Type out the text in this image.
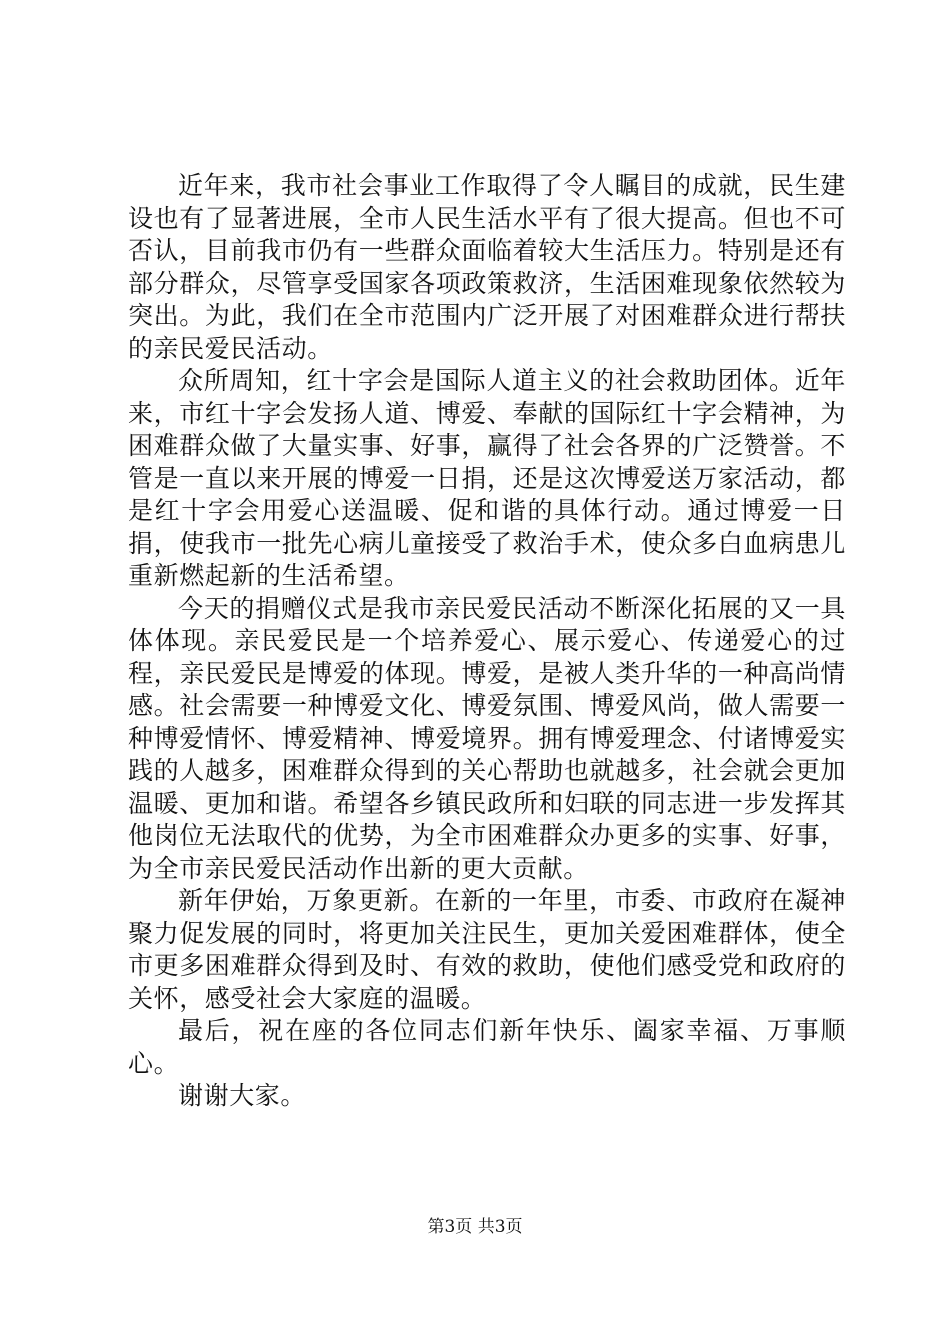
近年来，我市社会事业工作取得了令人瞩目的成就，民生建设也有了显著进展，全市人民生活水平有了很大提高。但也不可否认，目前我市仍有一些群众面临着较大生活压力。特别是还有部分群众，尽管享受国家各项政策救济，生活困难现象依然较为突出。为此，我们在全市范围内广泛开展了对困难群众进行帮扶的亲民爱民活动。

众所周知，红十字会是国际人道主义的社会救助团体。近年来，市红十字会发扬人道、博爱、奉献的国际红十字会精神，为困难群众做了大量实事、好事，赢得了社会各界的广泛赞誉。不管是一直以来开展的博爱一日捐，还是这次博爱送万家活动，都是红十字会用爱心送温暖、促和谐的具体行动。通过博爱一日捐，使我市一批先心病儿童接受了救治手术，使众多白血病患儿重新燃起新的生活希望。

今天的捐赠仪式是我市亲民爱民活动不断深化拓展的又一具体体现。亲民爱民是一个培养爱心、展示爱心、传递爱心的过程，亲民爱民是博爱的体现。博爱，是被人类升华的一种高尚情感。社会需要一种博爱文化、博爱氛围、博爱风尚，做人需要一种博爱情怀、博爱精神、博爱境界。拥有博爱理念、付诸博爱实践的人越多，困难群众得到的关心帮助也就越多，社会就会更加温暖、更加和谐。希望各乡镇民政所和妇联的同志进一步发挥其他岗位无法取代的优势，为全市困难群众办更多的实事、好事，为全市亲民爱民活动作出新的更大贡献。

新年伊始，万象更新。在新的一年里，市委、市政府在凝神聚力促发展的同时，将更加关注民生，更加关爱困难群体，使全市更多困难群众得到及时、有效的救助，使他们感受党和政府的关怀，感受社会大家庭的温暖。

最后，祝在座的各位同志们新年快乐、阖家幸福、万事顺心。

谢谢大家。

第3页 共3页
